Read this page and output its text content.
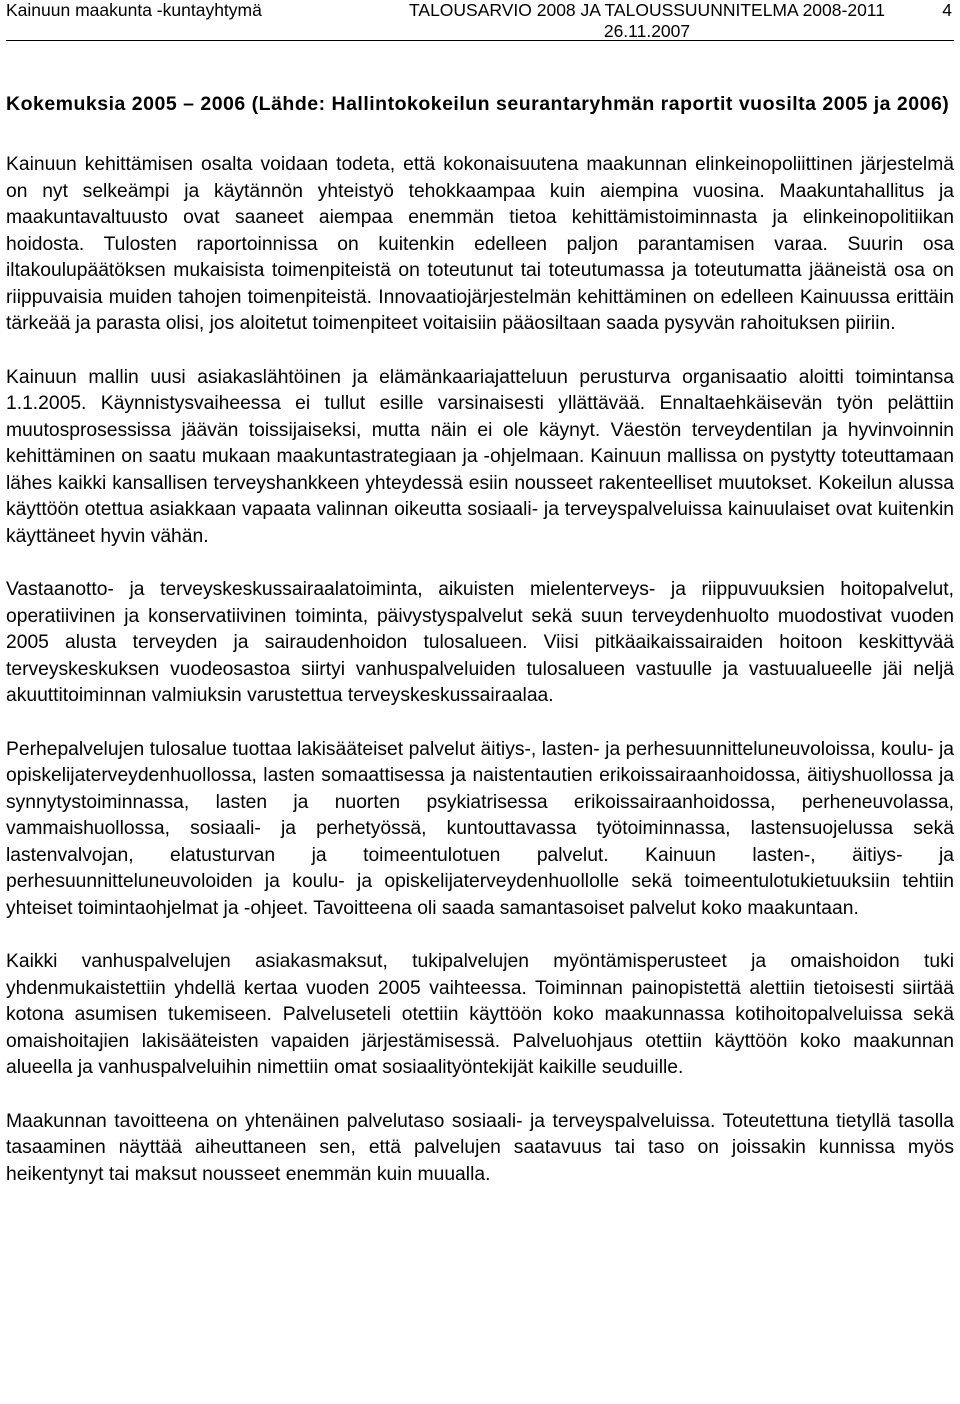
Kainuun maakunta -kuntayhtymä	TALOUSARVIO 2008 JA TALOUSSUUNNITELMA 2008-2011
26.11.2007
4
Kokemuksia 2005 – 2006 (Lähde: Hallintokokeilun seurantaryhmän raportit vuosilta 2005 ja 2006)

Kainuun kehittämisen osalta voidaan todeta, että kokonaisuutena maakunnan elinkeinopoliittinen järjestelmä on nyt selkeämpi ja käytännön yhteistyö tehokkaampaa kuin aiempina vuosina. Maakuntahallitus ja maakuntavaltuusto ovat saaneet aiempaa enemmän tietoa kehittämistoiminnasta ja elinkeinopolitiikan hoidosta. Tulosten raportoinnissa on kuitenkin edelleen paljon parantamisen varaa. Suurin osa iltakoulupäätöksen mukaisista toimenpiteistä on toteutunut tai toteutumassa ja toteutumatta jääneistä osa on riippuvaisia muiden tahojen toimenpiteistä. Innovaatiojärjestelmän kehittäminen on edelleen Kainuussa erittäin tärkeää ja parasta olisi, jos aloitetut toimenpiteet voitaisiin pääosiltaan saada pysyvän rahoituksen piiriin.

Kainuun mallin uusi asiakaslähtöinen ja elämänkaariajatteluun perusturva organisaatio aloitti toimintansa 1.1.2005. Käynnistysvaiheessa ei tullut esille varsinaisesti yllättävää. Ennaltaehkäisevän työn pelättiin muutosprosessissa jäävän toissijaiseksi, mutta näin ei ole käynyt. Väestön terveydentilan ja hyvinvoinnin kehittäminen on saatu mukaan maakuntastrategiaan ja -ohjelmaan. Kainuun mallissa on pystytty toteuttamaan lähes kaikki kansallisen terveyshankkeen yhteydessä esiin nousseet rakenteelliset muutokset. Kokeilun alussa käyttöön otettua asiakkaan vapaata valinnan oikeutta sosiaali- ja terveyspalveluissa kainuulaiset ovat kuitenkin käyttäneet hyvin vähän.

Vastaanotto- ja terveyskeskussairaalatoiminta, aikuisten mielenterveys- ja riippuvuuksien hoitopalvelut, operatiivinen ja konservatiivinen toiminta, päivystyspalvelut sekä suun terveydenhuolto muodostivat vuoden 2005 alusta terveyden ja sairaudenhoidon tulosalueen. Viisi pitkäaikaissairaiden hoitoon keskittyvää terveyskeskuksen vuodeosastoa siirtyi vanhuspalveluiden tulosalueen vastuulle ja vastuualueelle jäi neljä akuuttitoiminnan valmiuksin varustettua terveyskeskussairaalaa.

Perhepalvelujen tulosalue tuottaa lakisääteiset palvelut äitiys-, lasten- ja perhesuunnitteluneuvoloissa, koulu- ja opiskelijaterveydenhuollossa, lasten somaattisessa ja naistentautien erikoissairaanhoidossa, äitiyshuollossa ja synnytystoiminnassa, lasten ja nuorten psykiatrisessa erikoissairaanhoidossa, perheneuvolassa, vammaishuollossa, sosiaali- ja perhetyössä, kuntouttavassa työtoiminnassa, lastensuojelussa sekä lastenvalvojan, elatusturvan ja toimeentulotuen palvelut. Kainuun lasten-, äitiys- ja perhesuunnitteluneuvoloiden ja koulu- ja opiskelijaterveydenhuollolle sekä toimeentulotukietuuksiin tehtiin yhteiset toimintaohjelmat ja -ohjeet. Tavoitteena oli saada samantasoiset palvelut koko maakuntaan.

Kaikki vanhuspalvelujen asiakasmaksut, tukipalvelujen myöntämisperusteet ja omaishoidon tuki yhdenmukaistettiin yhdellä kertaa vuoden 2005 vaihteessa. Toiminnan painopistettä alettiin tietoisesti siirtää kotona asumisen tukemiseen. Palveluseteli otettiin käyttöön koko maakunnassa kotihoitopalveluissa sekä omaishoitajien lakisääteisten vapaiden järjestämisessä. Palveluohjaus otettiin käyttöön koko maakunnan alueella ja vanhuspalveluihin nimettiin omat sosiaalityöntekijät kaikille seuduille.

Maakunnan tavoitteena on yhtenäinen palvelutaso sosiaali- ja terveyspalveluissa. Toteutettuna tietyllä tasolla tasaaminen näyttää aiheuttaneen sen, että palvelujen saatavuus tai taso on joissakin kunnissa myös heikentynyt tai maksut nousseet enemmän kuin muualla.
